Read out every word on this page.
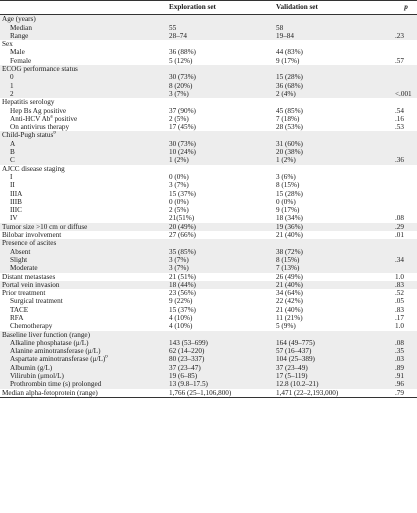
	Exploration set	Validation set	p
Age (years)			
Median	55	58	
Range	28–74	19–84	.23
Sex			
Male	36 (88%)	44 (83%)	
Female	5 (12%)	9 (17%)	.57
ECOG performance status			
0	30 (73%)	15 (28%)	
1	8 (20%)	36 (68%)	
2	3 (7%)	2 (4%)	<.001
Hepatitis serology			
Hep Bs Ag positive	37 (90%)	45 (85%)	.54
Anti-HCV Ab$^a$ positive	2 (5%)	7 (18%)	.16
On antivirus therapy	17 (45%)	28 (53%)	.53
Child-Pugh status$^b$			
A	30 (73%)	31 (60%)	
B	10 (24%)	20 (38%)	
C	1 (2%)	1 (2%)	.36
AJCC disease staging			
I	0 (0%)	3 (6%)	
II	3 (7%)	8 (15%)	
IIIA	15 (37%)	15 (28%)	
IIIB	0 (0%)	0 (0%)	
IIIC	2 (5%)	9 (17%)	
IV	21(51%)	18 (34%)	.08
Tumor size >10 cm or diffuse	20 (49%)	19 (36%)	.29
Bilobar involvement	27 (66%)	21 (40%)	.01
Presence of ascites			
Absent	35 (85%)	38 (72%)	
Slight	3 (7%)	8 (15%)	.34
Moderate	3 (7%)	7 (13%)	
Distant metastases	21 (51%)	26 (49%)	1.0
Portal vein invasion	18 (44%)	21 (40%)	.83
Prior treatment	23 (56%)	34 (64%)	.52
Surgical treatment	9 (22%)	22 (42%)	.05
TACE	15 (37%)	21 (40%)	.83
RFA	4 (10%)	11 (21%)	.17
Chemotherapy	4 (10%)	5 (9%)	1.0
Baseline liver function (range)			
Alkaline phosphatase (μ/L)	143 (53–699)	164 (49–775)	.08
Alanine aminotransferase (μ/L)	62 (14–220)	57 (16–437)	.35
Aspartate aminotransferase $(\mu/L)^b$	80 (23–337)	104 (25–389)	.03
Albumin (g/L)	37 (23–47)	37 (23–49)	.89
Vilirubin (μmol/L)	19 (6–85)	17 (5–119)	.91
Prothrombin time (s) prolonged	13 (9.8–17.5)	12.8 (10.2–21)	.96
Median alpha-fetoprotein (range)	1,766 (25–1,106,800)	1,471 (22–2,193,000)	.79
